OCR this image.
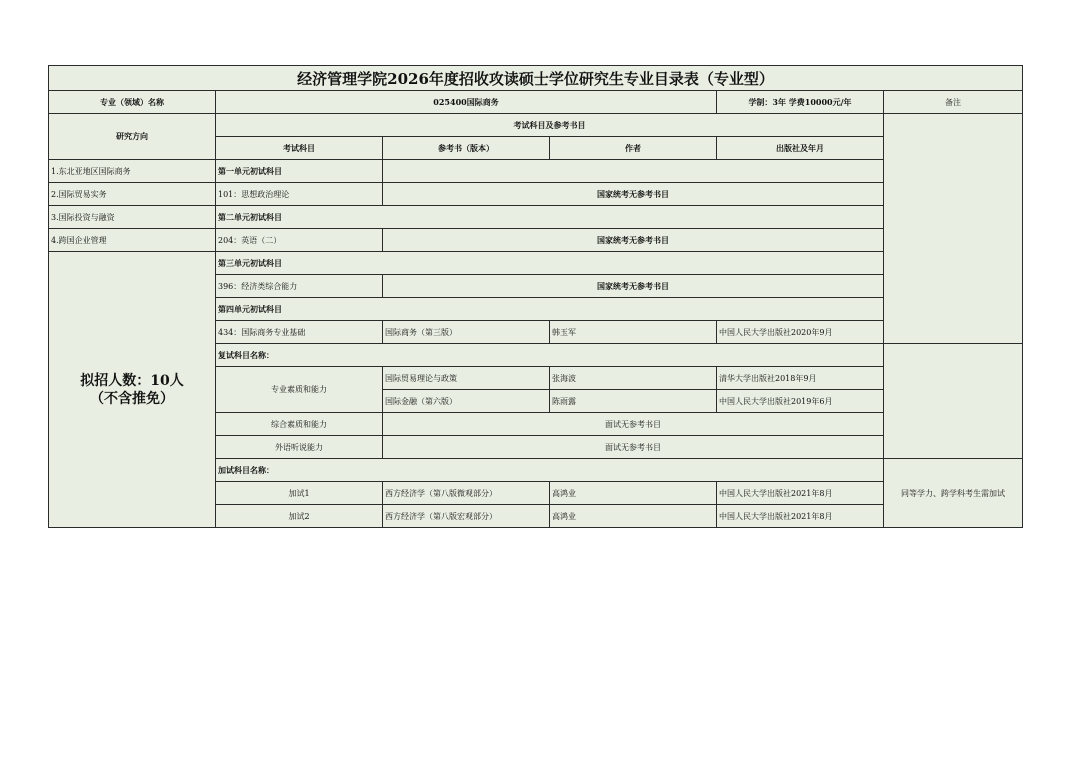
经济管理学院2026年度招收攻读硕士学位研究生专业目录表（专业型）					
专业（领域）名称	025400国际商务			学制：3年 学费10000元/年	备注
研究方向	考试科目及参考书目				
	考试科目	参考书（版本）	作者	出版社及年月	
1.东北亚地区国际商务	第一单元初试科目				
2.国际贸易实务	101：思想政治理论	国家统考无参考书目			
3.国际投资与融资	第二单元初试科目				
4.跨国企业管理	204：英语（二）	国家统考无参考书目			

拟招人数：10人
（不含推免）	第三单元初试科目				
	396：经济类综合能力	国家统考无参考书目			
	第四单元初试科目				
	434：国际商务专业基础	国际商务（第三版）	韩玉军	中国人民大学出版社2020年9月	
	复试科目名称：				
	专业素质和能力	国际贸易理论与政策	张海波	清华大学出版社2018年9月	
		国际金融（第六版）	陈雨露	中国人民大学出版社2019年6月	
	综合素质和能力	面试无参考书目			
	外语听说能力	面试无参考书目			
	加试科目名称：				同等学力、跨学科考生需加试
	加试1	西方经济学（第八版微观部分）	高鸿业	中国人民大学出版社2021年8月	
	加试2	西方经济学（第八版宏观部分）	高鸿业	中国人民大学出版社2021年8月	
